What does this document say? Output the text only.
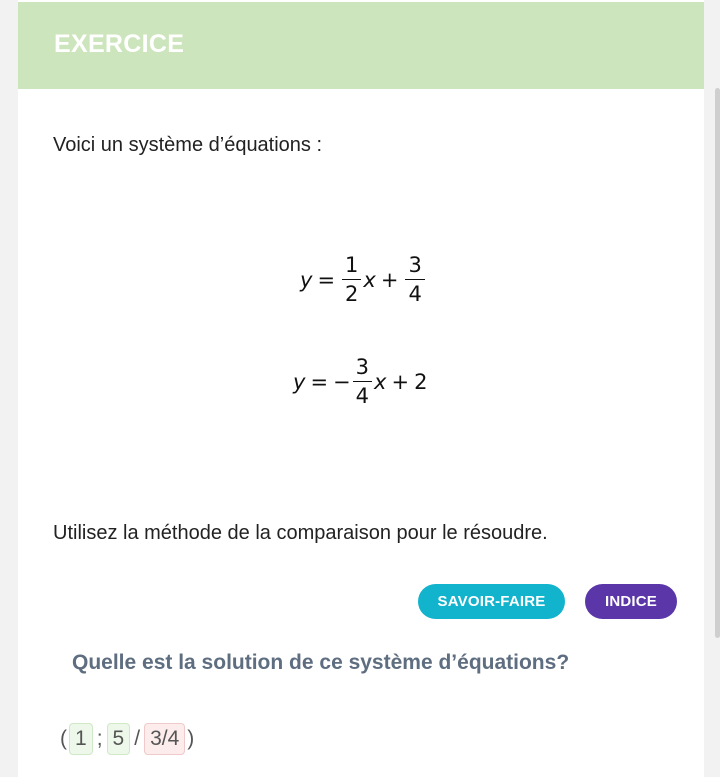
EXERCICE
Voici un système d’équations :
$y = \frac{1}{2}$ $x + \frac{3}{4}$
y = − $\frac{3}{4}$ x + 2
Utilisez la méthode de la comparaison pour le résoudre.
SAVOIR-FAIRE	INDICE
Quelle est la solution de ce système d’équations?
( 1 ; 5 / 3/4 )
